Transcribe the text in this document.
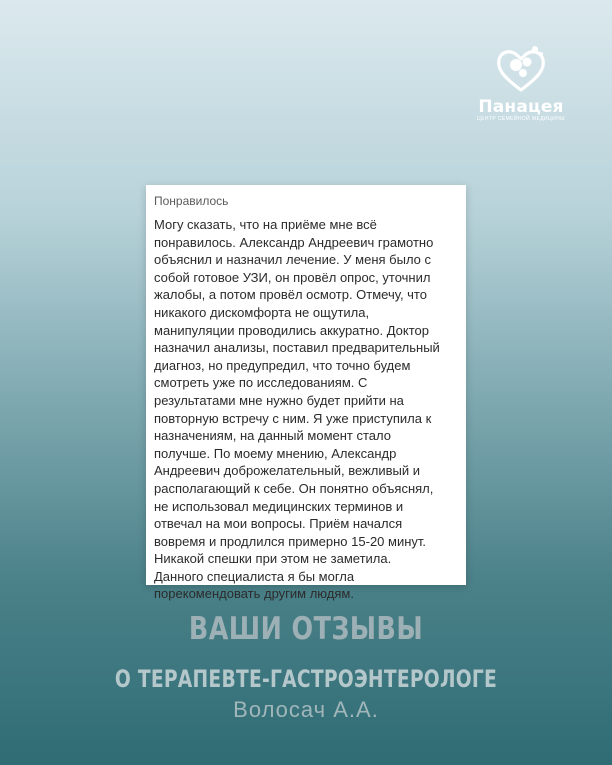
Панацея
ЦЕНТР СЕМЕЙНОЙ МЕДИЦИНЫ
Понравилось

Могу сказать, что на приёме мне всё
понравилось. Александр Андреевич грамотно
объяснил и назначил лечение. У меня было с
собой готовое УЗИ, он провёл опрос, уточнил
жалобы, а потом провёл осмотр. Отмечу, что
никакого дискомфорта не ощутила,
манипуляции проводились аккуратно. Доктор
назначил анализы, поставил предварительный
диагноз, но предупредил, что точно будем
смотреть уже по исследованиям. С
результатами мне нужно будет прийти на
повторную встречу с ним. Я уже приступила к
назначениям, на данный момент стало
получше. По моему мнению, Александр
Андреевич доброжелательный, вежливый и
располагающий к себе. Он понятно объяснял,
не использовал медицинских терминов и
отвечал на мои вопросы. Приём начался
вовремя и продлился примерно 15-20 минут.
Никакой спешки при этом не заметила.
Данного специалиста я бы могла
порекомендовать другим людям.

ВАШИ ОТЗЫВЫ
О ТЕРАПЕВТЕ-ГАСТРОЭНТЕРОЛОГЕ
Волосач А.А.
